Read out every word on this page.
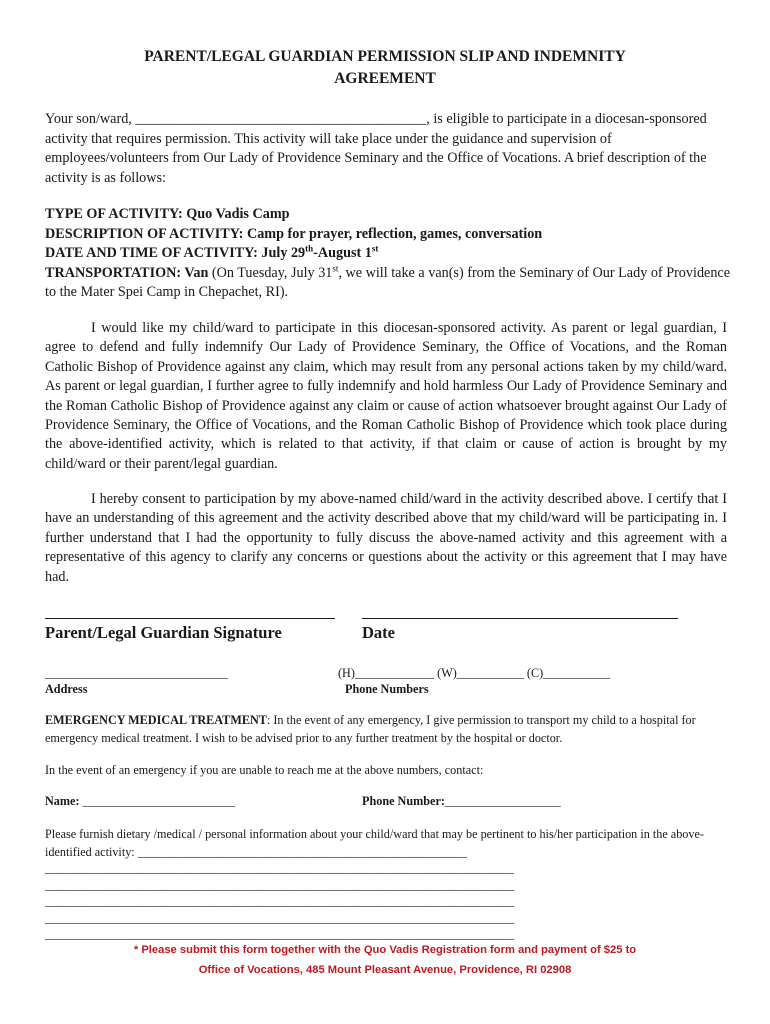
PARENT/LEGAL GUARDIAN PERMISSION SLIP AND INDEMNITY
AGREEMENT
Your son/ward, _________________________________________, is eligible to participate in a diocesan-sponsored activity that requires permission. This activity will take place under the guidance and supervision of employees/volunteers from Our Lady of Providence Seminary and the Office of Vocations. A brief description of the activity is as follows:
TYPE OF ACTIVITY: Quo Vadis Camp
DESCRIPTION OF ACTIVITY: Camp for prayer, reflection, games, conversation
DATE AND TIME OF ACTIVITY: July 29th-August 1st
TRANSPORTATION: Van (On Tuesday, July 31st, we will take a van(s) from the Seminary of Our Lady of Providence to the Mater Spei Camp in Chepachet, RI).
I would like my child/ward to participate in this diocesan-sponsored activity. As parent or legal guardian, I agree to defend and fully indemnify Our Lady of Providence Seminary, the Office of Vocations, and the Roman Catholic Bishop of Providence against any claim, which may result from any personal actions taken by my child/ward. As parent or legal guardian, I further agree to fully indemnify and hold harmless Our Lady of Providence Seminary and the Roman Catholic Bishop of Providence against any claim or cause of action whatsoever brought against Our Lady of Providence Seminary, the Office of Vocations, and the Roman Catholic Bishop of Providence which took place during the above-identified activity, which is related to that activity, if that claim or cause of action is brought by my child/ward or their parent/legal guardian.
I hereby consent to participation by my above-named child/ward in the activity described above. I certify that I have an understanding of this agreement and the activity described above that my child/ward will be participating in. I further understand that I had the opportunity to fully discuss the above-named activity and this agreement with a representative of this agency to clarify any concerns or questions about the activity or this agreement that I may have had.
Parent/Legal Guardian Signature	Date
______________________________
Address
(H)_____________ (W)___________ (C)___________
Phone Numbers
EMERGENCY MEDICAL TREATMENT: In the event of any emergency, I give permission to transport my child to a hospital for emergency medical treatment. I wish to be advised prior to any further treatment by the hospital or doctor.
In the event of an emergency if you are unable to reach me at the above numbers, contact:
Name: _________________________	Phone Number:___________________
Please furnish dietary /medical / personal information about your child/ward that may be pertinent to his/her participation in the above-identified activity: ______________________________________________________
_____________________________________________________________________________
_____________________________________________________________________________
_____________________________________________________________________________
_____________________________________________________________________________
_____________________________________________________________________________
* Please submit this form together with the Quo Vadis Registration form and payment of $25 to
Office of Vocations, 485 Mount Pleasant Avenue, Providence, RI 02908
